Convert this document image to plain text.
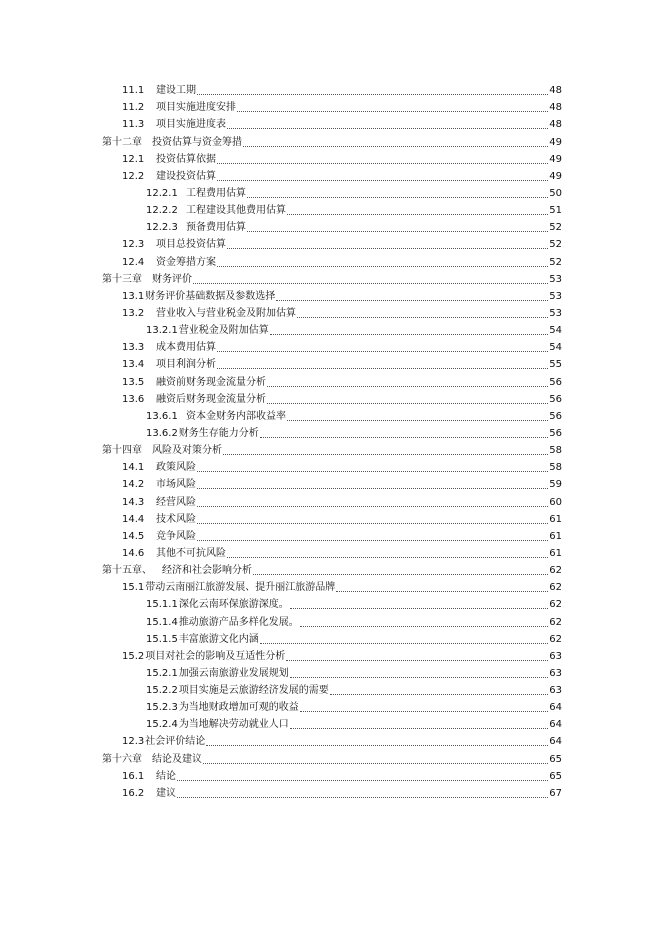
11.1	建设工期	48
11.2	项目实施进度安排	48
11.3	项目实施进度表	48
第十二章 投资估算与资金筹措	49
12.1	投资估算依据	49
12.2	建设投资估算	49
12.2.1 工程费用估算	50
12.2.2 工程建设其他费用估算	51
12.2.3 预备费用估算	52
12.3	项目总投资估算	52
12.4	资金筹措方案	52
第十三章 财务评价	53
13.1 财务评价基础数据及参数选择	53
13.2	营业收入与营业税金及附加估算	53
13.2.1 营业税金及附加估算	54
13.3	成本费用估算	54
13.4	项目利润分析	55
13.5	融资前财务现金流量分析	56
13.6	融资后财务现金流量分析	56
13.6.1 资本金财务内部收益率	56
13.6.2 财务生存能力分析	56
第十四章 风险及对策分析	58
14.1	政策风险	58
14.2	市场风险	59
14.3	经营风险	60
14.4	技术风险	61
14.5	竞争风险	61
14.6	其他不可抗风险	61
第十五章、 经济和社会影响分析	62
15.1 带动云南丽江旅游发展、提升丽江旅游品牌	62
15.1.1 深化云南环保旅游深度。	62
15.1.4 推动旅游产品多样化发展。	62
15.1.5 丰富旅游文化内涵	62
15.2 项目对社会的影响及互适性分析	63
15.2.1 加强云南旅游业发展规划	63
15.2.2 项目实施是云旅游经济发展的需要	63
15.2.3 为当地财政增加可观的收益	64
15.2.4 为当地解决劳动就业人口	64
12.3 社会评价结论	64
第十六章 结论及建议	65
16.1	结论	65
16.2	建议	67
